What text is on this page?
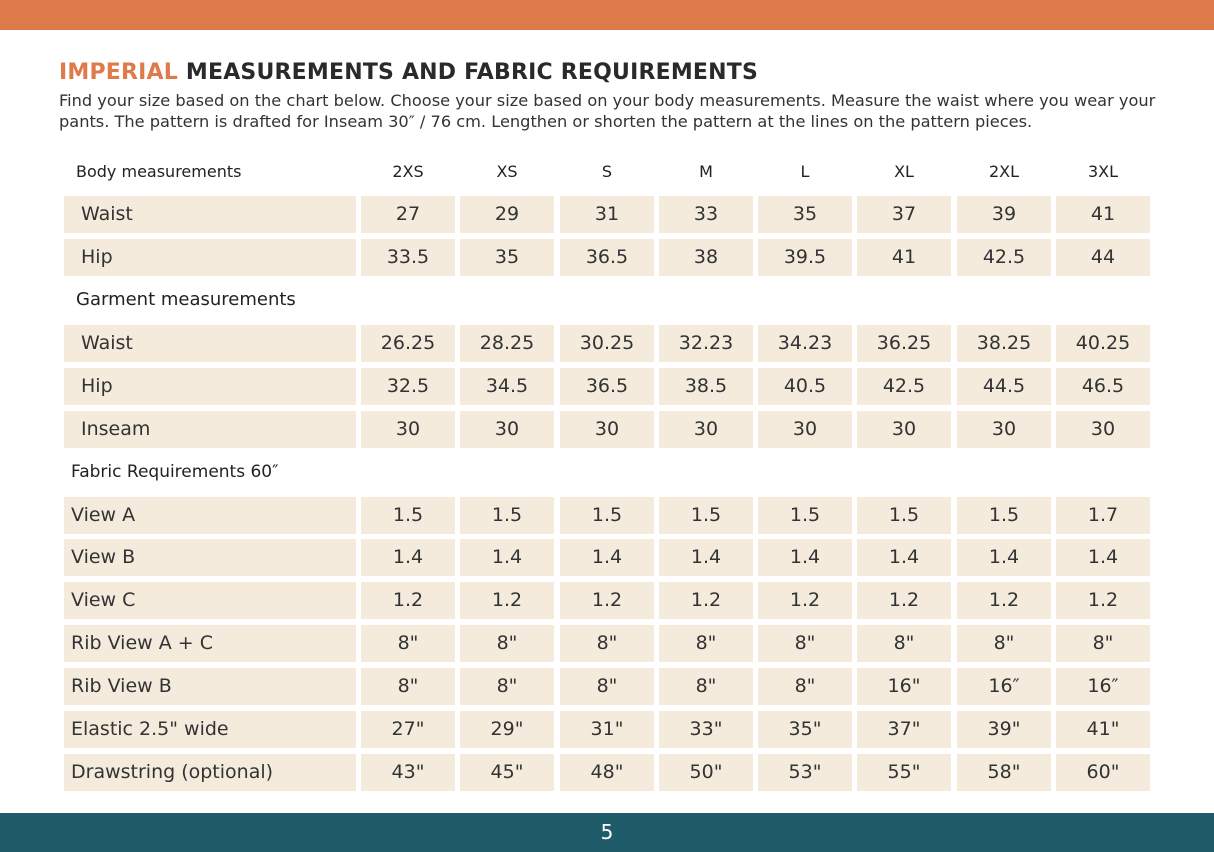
IMPERIAL MEASUREMENTS AND FABRIC REQUIREMENTS

Find your size based on the chart below. Choose your size based on your body measurements. Measure the waist where you wear your pants. The pattern is drafted for Inseam 30″ / 76 cm. Lengthen or shorten the pattern at the lines on the pattern pieces.

Body measurements	2XS	XS	S	M	L	XL	2XL	3XL
Waist	27	29	31	33	35	37	39	41
Hip	33.5	35	36.5	38	39.5	41	42.5	44
Garment measurements
Waist	26.25	28.25	30.25	32.23	34.23	36.25	38.25	40.25
Hip	32.5	34.5	36.5	38.5	40.5	42.5	44.5	46.5
Inseam	30	30	30	30	30	30	30	30
Fabric Requirements 60″
View A	1.5	1.5	1.5	1.5	1.5	1.5	1.5	1.7
View B	1.4	1.4	1.4	1.4	1.4	1.4	1.4	1.4
View C	1.2	1.2	1.2	1.2	1.2	1.2	1.2	1.2
Rib View A + C	8"	8"	8"	8"	8"	8"	8"	8"
Rib View B	8"	8"	8"	8"	8"	16"	16″	16″
Elastic 2.5" wide	27"	29"	31"	33"	35"	37"	39"	41"
Drawstring (optional)	43"	45"	48"	50"	53"	55"	58"	60"
5
